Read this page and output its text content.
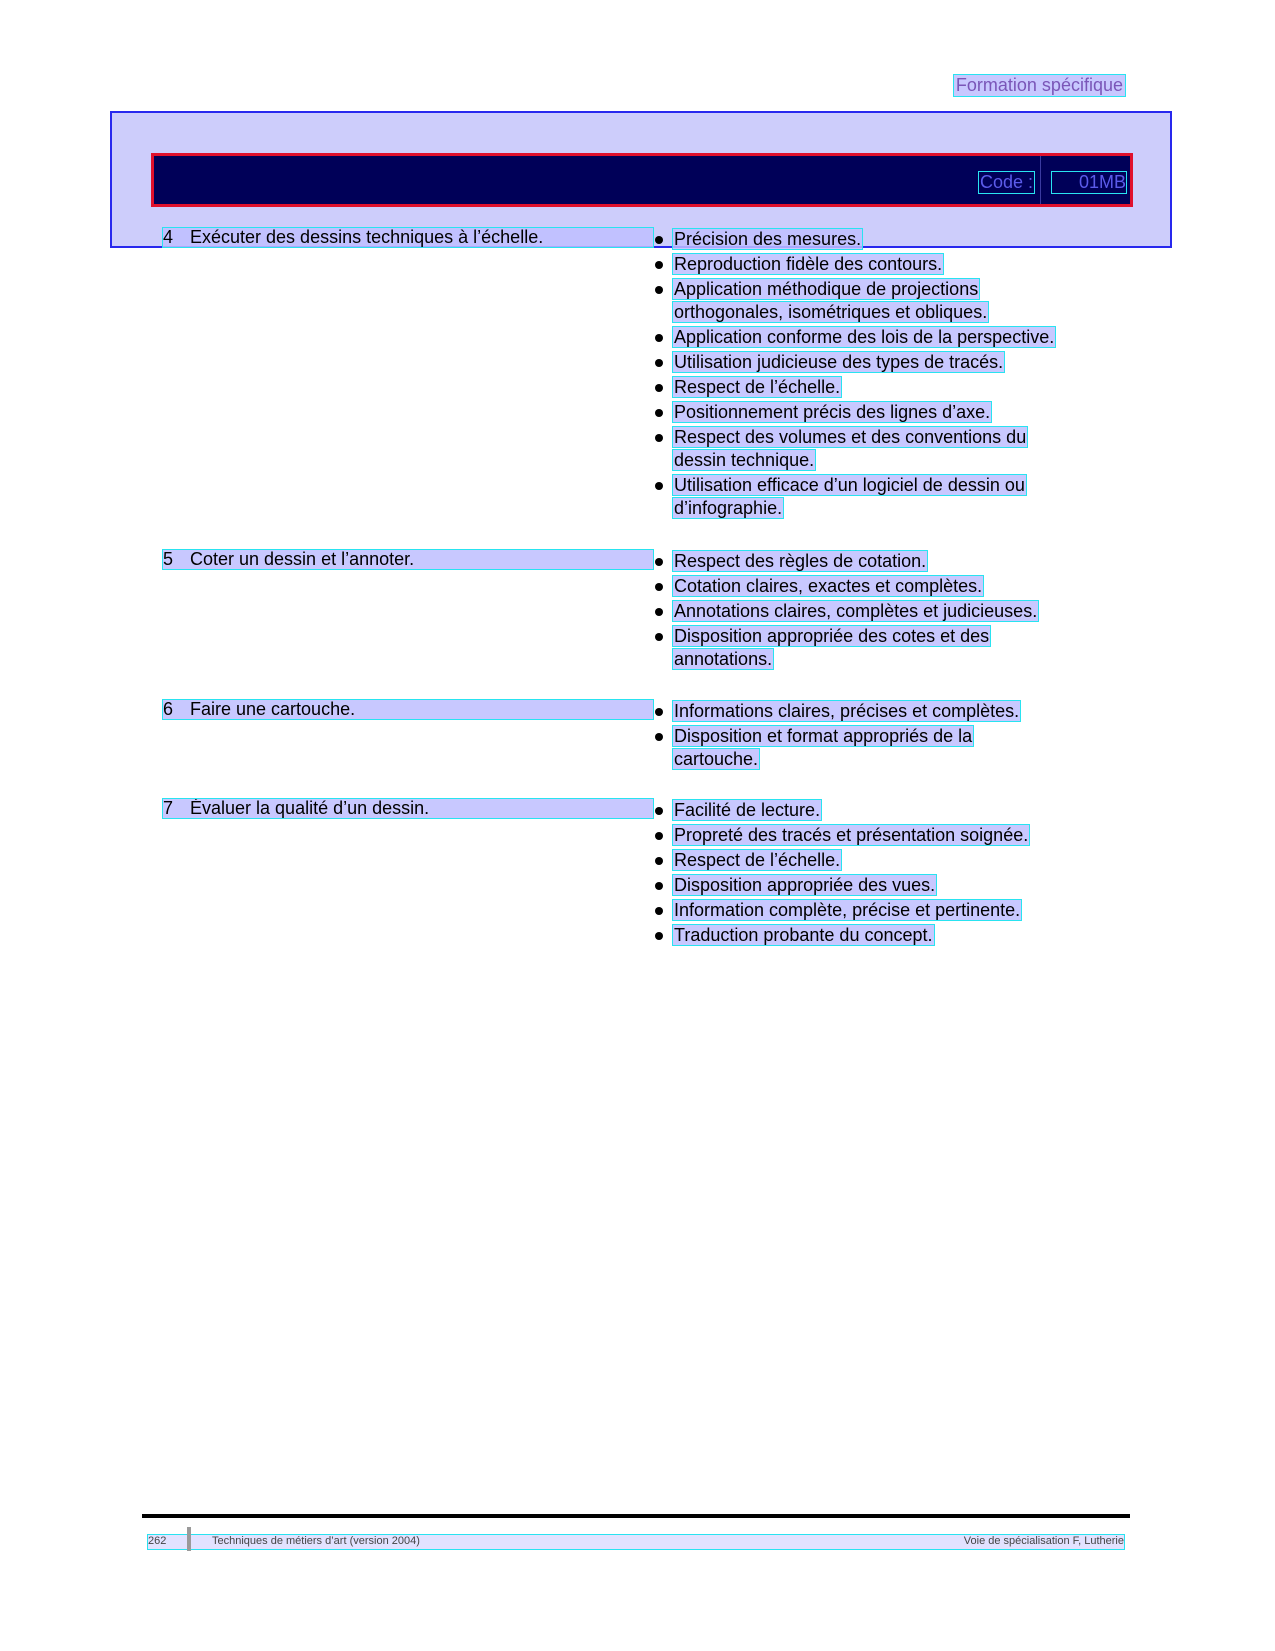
Formation spécifique
Code :	01MB
4 Exécuter des dessins techniques à l’échelle.	Précision des mesures.
Reproduction fidèle des contours.
Application méthodique de projections orthogonales, isométriques et obliques.
Application conforme des lois de la perspective.
Utilisation judicieuse des types de tracés.
Respect de l’échelle.
Positionnement précis des lignes d’axe.
Respect des volumes et des conventions du dessin technique.
Utilisation efficace d’un logiciel de dessin ou d’infographie.
5 Coter un dessin et l’annoter.	Respect des règles de cotation.
Cotation claires, exactes et complètes.
Annotations claires, complètes et judicieuses.
Disposition appropriée des cotes et des annotations.
6 Faire une cartouche.	Informations claires, précises et complètes.
Disposition et format appropriés de la cartouche.
7 Évaluer la qualité d’un dessin.	Facilité de lecture.
Propreté des tracés et présentation soignée.
Respect de l’échelle.
Disposition appropriée des vues.
Information complète, précise et pertinente.
Traduction probante du concept.
262	Techniques de métiers d’art (version 2004)	Voie de spécialisation F, Lutherie
